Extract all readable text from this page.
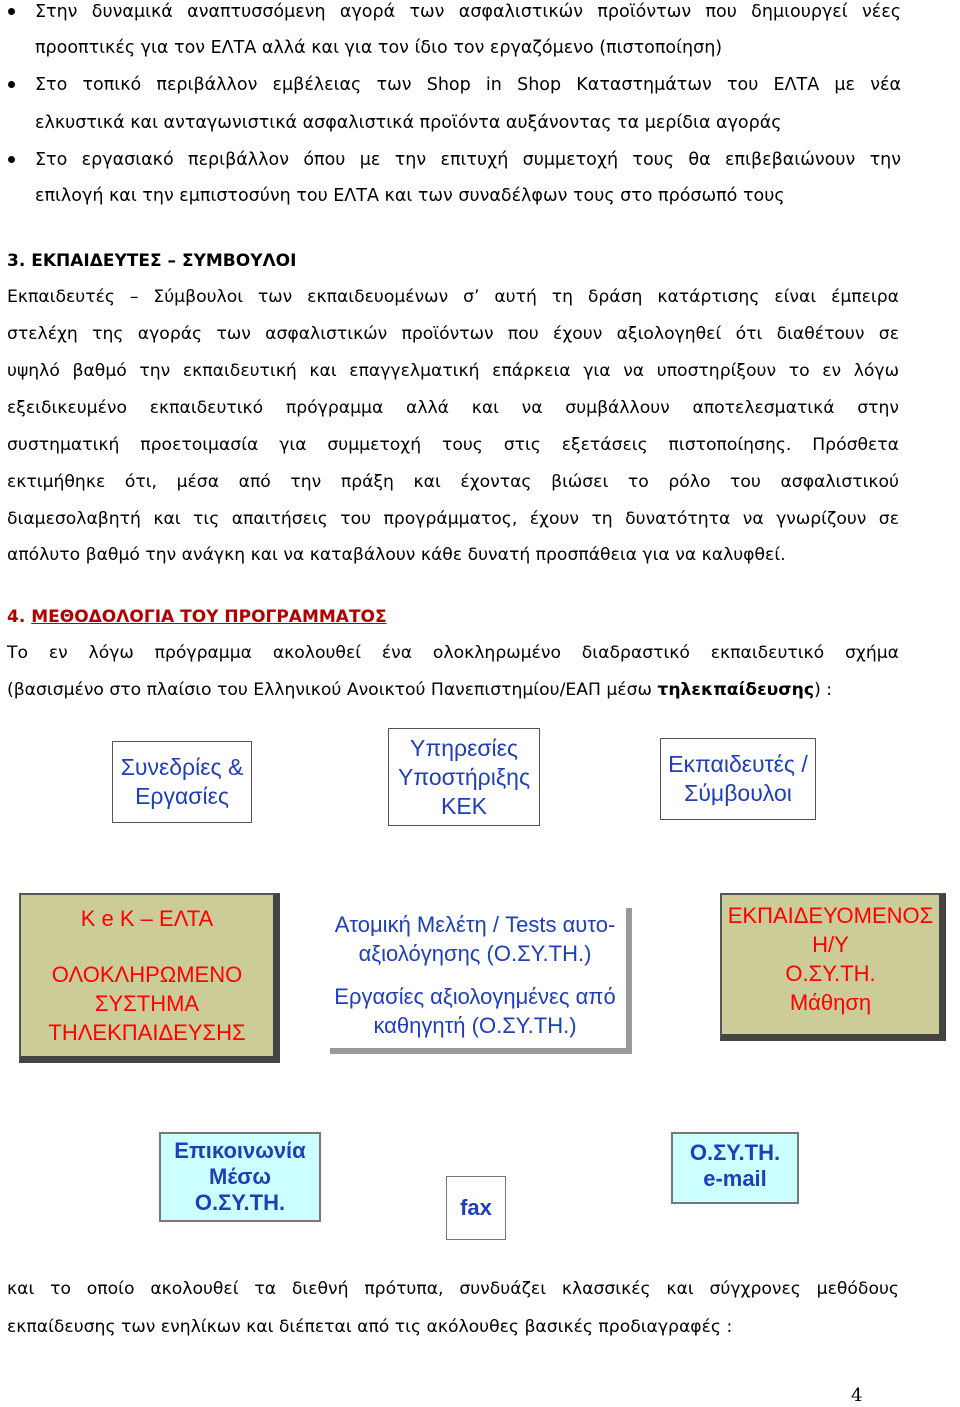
Στην δυναμικά αναπτυσσόμενη αγορά των ασφαλιστικών προϊόντων που δημιουργεί νέες
προοπτικές για τον ΕΛΤΑ αλλά και για τον ίδιο τον εργαζόμενο (πιστοποίηση)
Στο τοπικό περιβάλλον εμβέλειας των Shop in Shop Καταστημάτων του ΕΛΤΑ με νέα
ελκυστικά και ανταγωνιστικά ασφαλιστικά προϊόντα αυξάνοντας τα μερίδια αγοράς
Στο εργασιακό περιβάλλον όπου με την επιτυχή συμμετοχή τους θα επιβεβαιώνουν την
επιλογή και την εμπιστοσύνη του ΕΛΤΑ και των συναδέλφων τους στο πρόσωπό τους
3. ΕΚΠΑΙΔΕΥΤΕΣ – ΣΥΜΒΟΥΛΟΙ
Εκπαιδευτές – Σύμβουλοι των εκπαιδευομένων σ’ αυτή τη δράση κατάρτισης είναι έμπειρα
στελέχη της αγοράς των ασφαλιστικών προϊόντων που έχουν αξιολογηθεί ότι διαθέτουν σε
υψηλό βαθμό την εκπαιδευτική και επαγγελματική επάρκεια για να υποστηρίξουν το εν λόγω
εξειδικευμένο εκπαιδευτικό πρόγραμμα αλλά και να συμβάλλουν αποτελεσματικά στην
συστηματική προετοιμασία για συμμετοχή τους στις εξετάσεις πιστοποίησης. Πρόσθετα
εκτιμήθηκε ότι, μέσα από την πράξη και έχοντας βιώσει το ρόλο του ασφαλιστικού
διαμεσολαβητή και τις απαιτήσεις του προγράμματος, έχουν τη δυνατότητα να γνωρίζουν σε
απόλυτο βαθμό την ανάγκη και να καταβάλουν κάθε δυνατή προσπάθεια για να καλυφθεί.
4. ΜΕΘΟΔΟΛΟΓΙΑ ΤΟΥ ΠΡΟΓΡΑΜΜΑΤΟΣ
Το εν λόγω πρόγραμμα ακολουθεί ένα ολοκληρωμένο διαδραστικό εκπαιδευτικό σχήμα
(βασισμένο στο πλαίσιο του Ελληνικού Ανοικτού Πανεπιστημίου/ΕΑΠ μέσω τηλεκπαίδευσης) :
Συνεδρίες &
Εργασίες
Υπηρεσίες
Υποστήριξης
ΚΕΚ
Εκπαιδευτές /
Σύμβουλοι
Κ e Κ – ΕΛΤΑ
ΟΛΟΚΛΗΡΩΜΕΝΟ
ΣΥΣΤΗΜΑ
ΤΗΛΕΚΠΑΙΔΕΥΣΗΣ
Ατομική Μελέτη / Tests αυτο-
αξιολόγησης (Ο.ΣΥ.ΤΗ.)
Εργασίες αξιολογημένες από
καθηγητή (Ο.ΣΥ.ΤΗ.)
ΕΚΠΑΙΔΕΥΟΜΕΝΟΣ
Η/Υ
Ο.ΣΥ.ΤΗ.
Μάθηση
Επικοινωνία
Μέσω
Ο.ΣΥ.ΤΗ.	fax
Ο.ΣΥ.ΤΗ.
e-mail
και το οποίο ακολουθεί τα διεθνή πρότυπα, συνδυάζει κλασσικές και σύγχρονες μεθόδους
εκπαίδευσης των ενηλίκων και διέπεται από τις ακόλουθες βασικές προδιαγραφές :
4
